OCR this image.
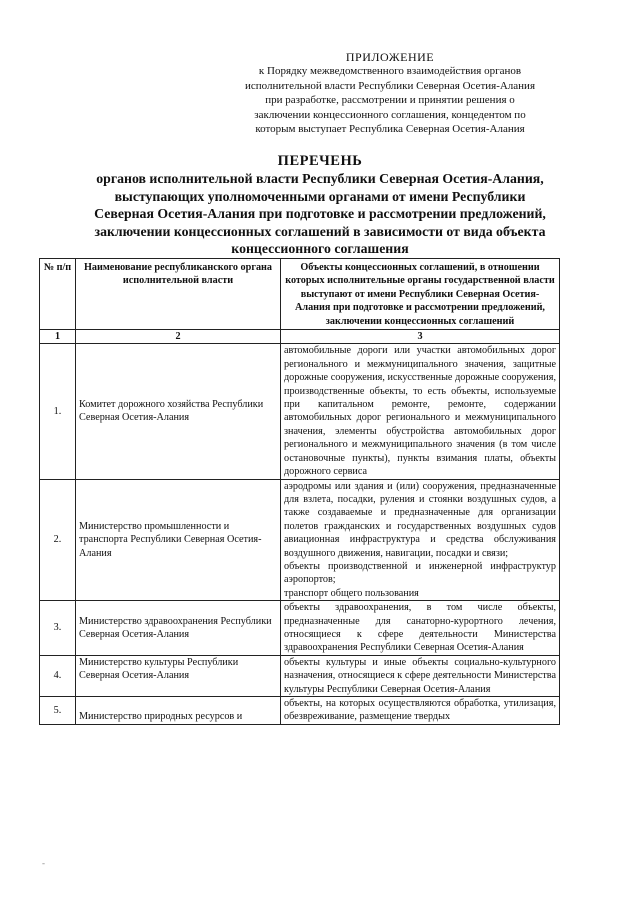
ПРИЛОЖЕНИЕ
к Порядку межведомственного взаимодействия органов
исполнительной власти Республики Северная Осетия-Алания
при разработке, рассмотрении и принятии решения о
заключении концессионного соглашения, концедентом по
которым выступает Республика Северная Осетия-Алания
ПЕРЕЧЕНЬ
органов исполнительной власти Республики Северная Осетия-Алания,
выступающих уполномоченными органами от имени Республики
Северная Осетия-Алания при подготовке и рассмотрении предложений,
заключении концессионных соглашений в зависимости от вида объекта
концессионного соглашения
№ п/п	Наименование республиканского органа исполнительной власти	Объекты концессионных соглашений, в отношении которых исполнительные органы государственной власти выступают от имени Республики Северная Осетия-Алания при подготовке и рассмотрении предложений, заключении концессионных соглашений
1	2	3
1.	Комитет дорожного хозяйства Республики Северная Осетия-Алания	автомобильные дороги или участки автомобильных дорог регионального и межмуниципального значения, защитные дорожные сооружения, искусственные дорожные сооружения, производственные объекты, то есть объекты, используемые при капитальном ремонте, ремонте, содержании автомобильных дорог регионального и межмуниципального значения, элементы обустройства автомобильных дорог регионального и межмуниципального значения (в том числе остановочные пункты), пункты взимания платы, объекты дорожного сервиса
2.	Министерство промышленности и транспорта Республики Северная Осетия-Алания	аэродромы или здания и (или) сооружения, предназначенные для взлета, посадки, руления и стоянки воздушных судов, а также создаваемые и предназначенные для организации полетов гражданских и государственных воздушных судов авиационная инфраструктура и средства обслуживания воздушного движения, навигации, посадки и связи;
объекты производственной и инженерной инфраструктур аэропортов;
транспорт общего пользования

3.	Министерство здравоохранения Республики Северная Осетия-Алания	объекты здравоохранения, в том числе объекты, предназначенные для санаторно-курортного лечения, относящиеся к сфере деятельности Министерства здравоохранения Республики Северная Осетия-Алания
4.	Министерство культуры Республики Северная Осетия-Алания	объекты культуры и иные объекты социально-культурного назначения, относящиеся к сфере деятельности Министерства культуры Республики Северная Осетия-Алания
5.	Министерство природных ресурсов и	объекты, на которых осуществляются обработка, утилизация, обезвреживание, размещение твердых
-
